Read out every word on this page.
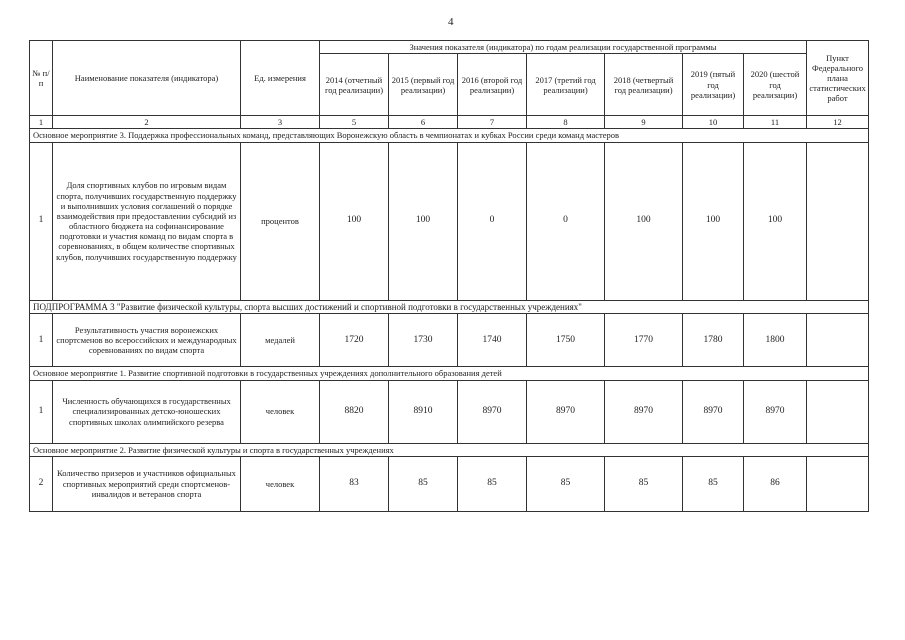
4
№ п/п	Наименование показателя (индикатора)	Ед. измерения	Значения показателя (индикатора) по годам реализации государственной программы							Пункт Федерального плана статистических работ
			2014 (отчетный год реализации)	2015 (первый год реализации)	2016 (второй год реализации)	2017 (третий год реализации)	2018 (четвертый год реализации)	2019 (пятый год реализации)	2020 (шестой год реализации)	
1	2	3	5	6	7	8	9	10	11	12
Основное мероприятие 3. Поддержка профессиональных команд, представляющих Воронежскую область в чемпионатах и кубках России среди команд мастеров										
1	Доля спортивных клубов по игровым видам спорта, получивших государственную поддержку и выполнивших условия соглашений о порядке взаимодействия при предоставлении субсидий из областного бюджета на софинансирование подготовки и участия команд по видам спорта в соревнованиях, в общем количестве спортивных клубов, получивших государственную поддержку	процентов	100	100	0	0	100	100	100	
ПОДПРОГРАММА 3 "Развитие физической культуры, спорта высших достижений и спортивной подготовки в государственных учреждениях"										
1	Результативность участия воронежских спортсменов во всероссийских и международных соревнованиях по видам спорта	медалей	1720	1730	1740	1750	1770	1780	1800	
Основное мероприятие 1. Развитие спортивной подготовки в государственных учреждениях дополнительного образования детей										
1	Численность обучающихся в государственных специализированных детско-юношеских спортивных школах олимпийского резерва	человек	8820	8910	8970	8970	8970	8970	8970	
Основное мероприятие 2. Развитие физической культуры и спорта в государственных учреждениях										
2	Количество призеров и участников официальных спортивных мероприятий среди спортсменов-инвалидов и ветеранов спорта	человек	83	85	85	85	85	85	86	
